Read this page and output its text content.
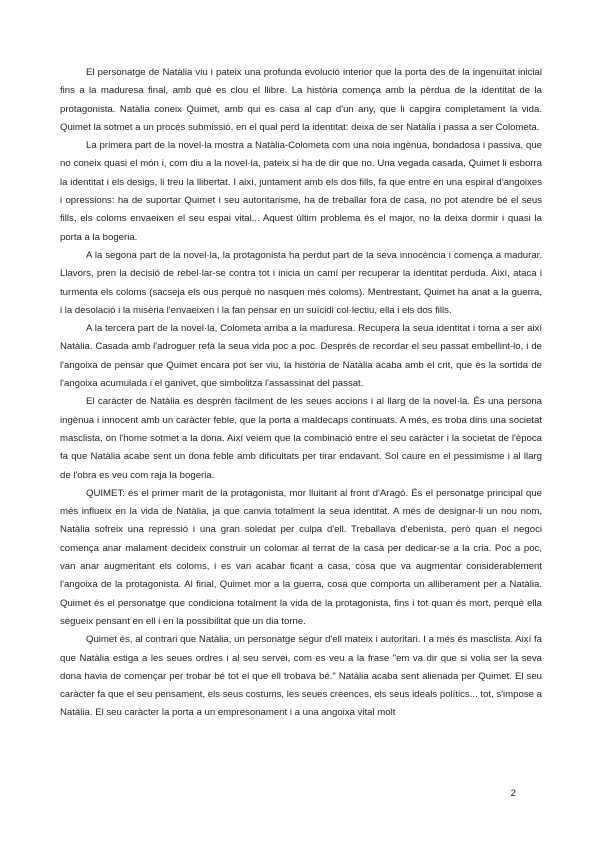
El personatge de Natàlia viu i pateix una profunda evolució interior que la porta des de la ingenuïtat inicial fins a la maduresa final, amb què es clou el llibre. La història comença amb la pèrdua de la identitat de la protagonista. Natàlia coneix Quimet, amb qui es casa al cap d'un any, que li capgira completament la vida. Quimet la sotmet a un procés submissió, en el qual perd la identitat: deixa de ser Natàlia i passa a ser Colometa.

La primera part de la novel·la mostra a Natàlia-Colometa com una noia ingènua, bondadosa i passiva, que no coneix quasi el món i, com diu a la novel·la, pateix si ha de dir que no. Una vegada casada, Quimet li esborra la identitat i els desigs, li treu la llibertat. I així, juntament amb els dos fills, fa que entre en una espiral d'angoixes i opressions: ha de suportar Quimet i seu autoritarisme, ha de treballar fora de casa, no pot atendre bé el seus fills, els coloms envaeixen el seu espai vital... Aquest últim problema és el major, no la deixa dormir i quasi la porta a la bogeria.

A la segona part de la novel·la, la protagonista ha perdut part de la seva innocència i comença a madurar. Llavors, pren la decisió de rebel·lar-se contra tot i inicia un camí per recuperar la identitat perduda. Així, ataca i turmenta els coloms (sacseja els ous perquè no nasquen més coloms). Mentrestant, Quimet ha anat a la guerra, i la desolació i la misèria l'envaeixen i la fan pensar en un suïcidi col·lectiu, ella i els dos fills.

A la tercera part de la novel·la, Colometa arriba a la maduresa. Recupera la seua identitat i torna a ser així Natàlia. Casada amb l'adroguer refà la seua vida poc a poc. Després de recordar el seu passat embellint-lo, i de l'angoixa de pensar que Quimet encara pot ser viu, la història de Natàlia acaba amb el crit, que és la sortida de l'angoixa acumulada i el ganivet, que simbolitza l'assassinat del passat.

El caràcter de Natàlia es desprèn fàcilment de les seues accions i al llarg de la novel·la. És una persona ingènua i innocent amb un caràcter feble, que la porta a maldecaps continuats. A més, es troba dins una societat masclista, on l'home sotmet a la dona. Així veiem que la combinació entre el seu caràcter i la societat de l'època fa que Natàlia acabe sent un dona feble amb dificultats per tirar endavant. Sol caure en el pessimisme i al llarg de l'obra es veu com raja la bogeria.

QUIMET: és el primer marit de la protagonista, mor lluitant al front d'Aragó. És el personatge principal que més influeix en la vida de Natàlia, ja que canvia totalment la seua identitat. A més de designar-li un nou nom, Natàlia sofreix una repressió i una gran soledat per culpa d'ell. Treballava d'ebenista, però quan el negoci comença anar malament decideix construir un colomar al terrat de la casa per dedicar-se a la cria. Poc a poc, van anar augmentant els coloms, i es van acabar ficant a casa, cosa que va augmentar considerablement l'angoixa de la protagonista. Al final, Quimet mor a la guerra, cosa que comporta un alliberament per a Natàlia. Quimet és el personatge que condiciona totalment la vida de la protagonista, fins i tot quan és mort, perquè ella segueix pensant en ell i en la possibilitat que un dia torne.

Quimet és, al contrari que Natàlia, un personatge segur d'ell mateix i autoritari. I a més és masclista. Així fa que Natàlia estiga a les seues ordres i al seu servei, com es veu a la frase "em va dir que si volia ser la seva dona havia de començar per trobar bé tot el que ell trobava bé." Natàlia acaba sent alienada per Quimet. El seu caràcter fa que el seu pensament, els seus costums, les seues creences, els seus ideals polítics... tot, s'impose a Natàlia. El seu caràcter la porta a un empresonament i a una angoixa vital molt

2
